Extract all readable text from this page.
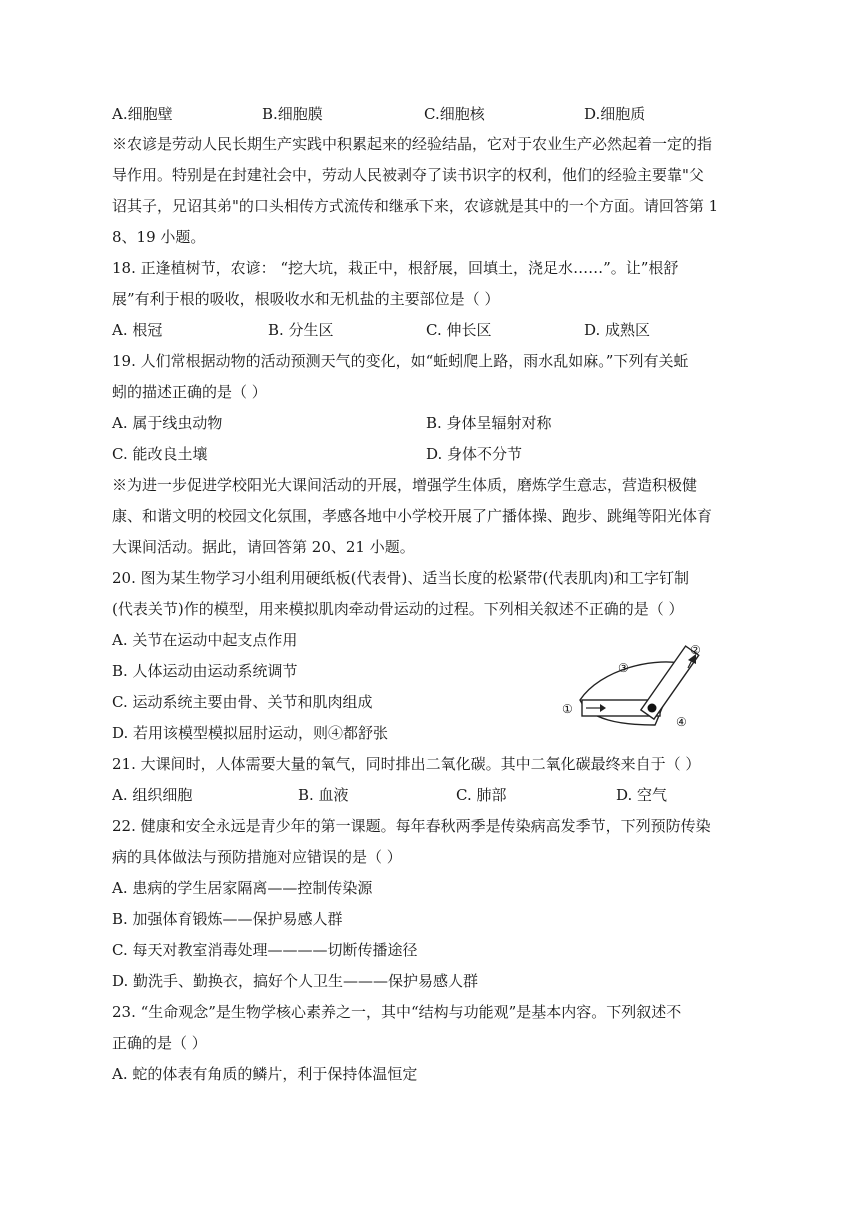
A.细胞壁	B.细胞膜	C.细胞核	D.细胞质
※农谚是劳动人民长期生产实践中积累起来的经验结晶，它对于农业生产必然起着一定的指
导作用。特别是在封建社会中，劳动人民被剥夺了读书识字的权利，他们的经验主要靠"父
诏其子，兄诏其弟"的口头相传方式流传和继承下来，农谚就是其中的一个方面。请回答第 1
8、19 小题。
18. 正逢植树节，农谚： “挖大坑，栽正中，根舒展，回填土，浇足水……”。让”根舒
展”有利于根的吸收，根吸收水和无机盐的主要部位是（ ）
A. 根冠	B. 分生区	C. 伸长区	D. 成熟区
19. 人们常根据动物的活动预测天气的变化，如“蚯蚓爬上路，雨水乱如麻。”下列有关蚯
蚓的描述正确的是（ ）
A. 属于线虫动物	B. 身体呈辐射对称
C. 能改良土壤	D. 身体不分节
※为进一步促进学校阳光大课间活动的开展，增强学生体质，磨炼学生意志，营造积极健
康、和谐文明的校园文化氛围，孝感各地中小学校开展了广播体操、跑步、跳绳等阳光体育
大课间活动。据此，请回答第 20、21 小题。
20. 图为某生物学习小组利用硬纸板(代表骨)、适当长度的松紧带(代表肌肉)和工字钉制
(代表关节)作的模型，用来模拟肌肉牵动骨运动的过程。下列相关叙述不正确的是（ ）
A. 关节在运动中起支点作用
B. 人体运动由运动系统调节
C. 运动系统主要由骨、关节和肌肉组成
D. 若用该模型模拟屈肘运动，则④都舒张
①
②
③
④
21. 大课间时，人体需要大量的氧气，同时排出二氧化碳。其中二氧化碳最终来自于（ ）
A. 组织细胞	B. 血液	C. 肺部	D. 空气
22. 健康和安全永远是青少年的第一课题。每年春秋两季是传染病高发季节，下列预防传染
病的具体做法与预防措施对应错误的是（ ）
A. 患病的学生居家隔离——控制传染源
B. 加强体育锻炼——保护易感人群
C. 每天对教室消毒处理————切断传播途径
D. 勤洗手、勤换衣，搞好个人卫生———保护易感人群
23. “生命观念”是生物学核心素养之一，其中“结构与功能观”是基本内容。下列叙述不
正确的是（ ）
A. 蛇的体表有角质的鳞片，利于保持体温恒定
